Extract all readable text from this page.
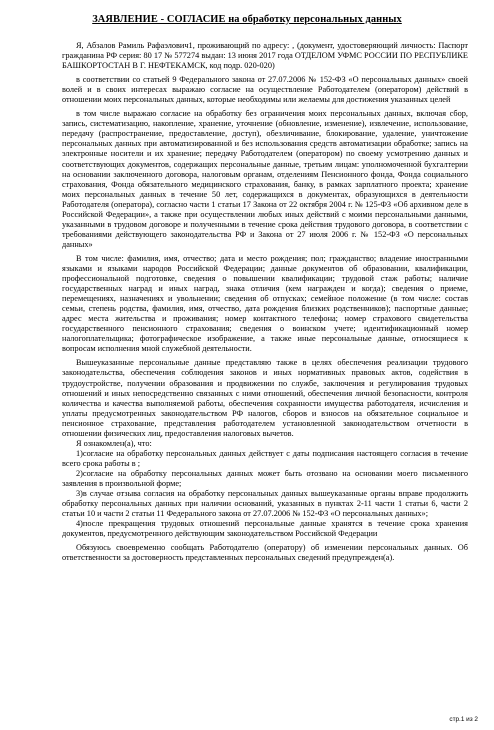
ЗАЯВЛЕНИЕ - СОГЛАСИЕ на обработку персональных данных

Я, Абзалов Рамиль Рафаэлович1, проживающий по адресу: , (документ, удостоверяющий личность: Паспорт гражданина РФ серия: 80 17 № 577274 выдан: 13 июня 2017 года ОТДЕЛОМ УФМС РОССИИ ПО РЕСПУБЛИКЕ БАШКОРТОСТАН В Г. НЕФТЕКАМСК, код подр. 020-020)

в соответствии со статьей 9 Федерального закона от 27.07.2006 № 152-ФЗ «О персональных данных» своей волей и в своих интересах выражаю согласие на осуществление Работодателем (оператором) действий в отношении моих персональных данных, которые необходимы или желаемы для достижения указанных целей

в том числе выражаю согласие на обработку без ограничения моих персональных данных, включая сбор, запись, систематизацию, накопление, хранение, уточнение (обновление, изменение), извлечение, использование, передачу (распространение, предоставление, доступ), обезличивание, блокирование, удаление, уничтожение персональных данных при автоматизированной и без использования средств автоматизации обработке; запись на электронные носители и их хранение; передачу Работодателем (оператором) по своему усмотрению данных и соответствующих документов, содержащих персональные данные, третьим лицам: уполномоченной бухгалтерии на основании заключенного договора, налоговым органам, отделениям Пенсионного фонда, Фонда социального страхования, Фонда обязательного медицинского страхования, банку, в рамках зарплатного проекта; хранение моих персональных данных в течение 50 лет, содержащихся в документах, образующихся в деятельности Работодателя (оператора), согласно части 1 статьи 17 Закона от 22 октября 2004 г. № 125-ФЗ «Об архивном деле в Российской Федерации», а также при осуществлении любых иных действий с моими персональными данными, указанными в трудовом договоре и полученными в течение срока действия трудового договора, в соответствии с требованиями действующего законодательства РФ и Закона от 27 июля 2006 г. № 152-ФЗ «О персональных данных»

В том числе: фамилия, имя, отчество; дата и место рождения; пол; гражданство; владение иностранными языками и языками народов Российской Федерации; данные документов об образовании, квалификации, профессиональной подготовке, сведения о повышении квалификации; трудовой стаж работы; наличие государственных наград и иных наград, знака отличия (кем награжден и когда); сведения о приеме, перемещениях, назначениях и увольнении; сведения об отпусках; семейное положение (в том числе: состав семьи, степень родства, фамилия, имя, отчество, дата рождения близких родственников); паспортные данные; адрес места жительства и проживания; номер контактного телефона; номер страхового свидетельства государственного пенсионного страхования; сведения о воинском учете; идентификационный номер налогоплательщика; фотографическое изображение, а также иные персональные данные, относящиеся к вопросам исполнения мной служебной деятельности.

Вышеуказанные персональные данные представляю также в целях обеспечения реализации трудового законодательства, обеспечения соблюдения законов и иных нормативных правовых актов, содействия в трудоустройстве, получении образования и продвижении по службе, заключения и регулирования трудовых отношений и иных непосредственно связанных с ними отношений, обеспечения личной безопасности, контроля количества и качества выполняемой работы, обеспечения сохранности имущества работодателя, исчисления и уплаты предусмотренных законодательством РФ налогов, сборов и взносов на обязательное социальное и пенсионное страхование, представления работодателем установленной законодательством отчетности в отношении физических лиц, предоставления налоговых вычетов.

Я ознакомлен(а), что:

1)согласие на обработку персональных данных действует с даты подписания настоящего согласия в течение всего срока работы в ;

2)согласие на обработку персональных данных может быть отозвано на основании моего письменного заявления в произвольной форме;

3)в случае отзыва согласия на обработку персональных данных вышеуказанные органы вправе продолжить обработку персональных данных при наличии оснований, указанных в пунктах 2-11 части 1 статьи 6, части 2 статьи 10 и части 2 статьи 11 Федерального закона от 27.07.2006 № 152-ФЗ «О персональных данных»;

4)после прекращения трудовых отношений персональные данные хранятся в течение срока хранения документов, предусмотренного действующим законодательством Российской Федерации

Обязуюсь своевременно сообщать Работодателю (оператору) об изменении персональных данных. Об ответственности за достоверность представленных персональных сведений предупрежден(а).

стр.1 из 2
